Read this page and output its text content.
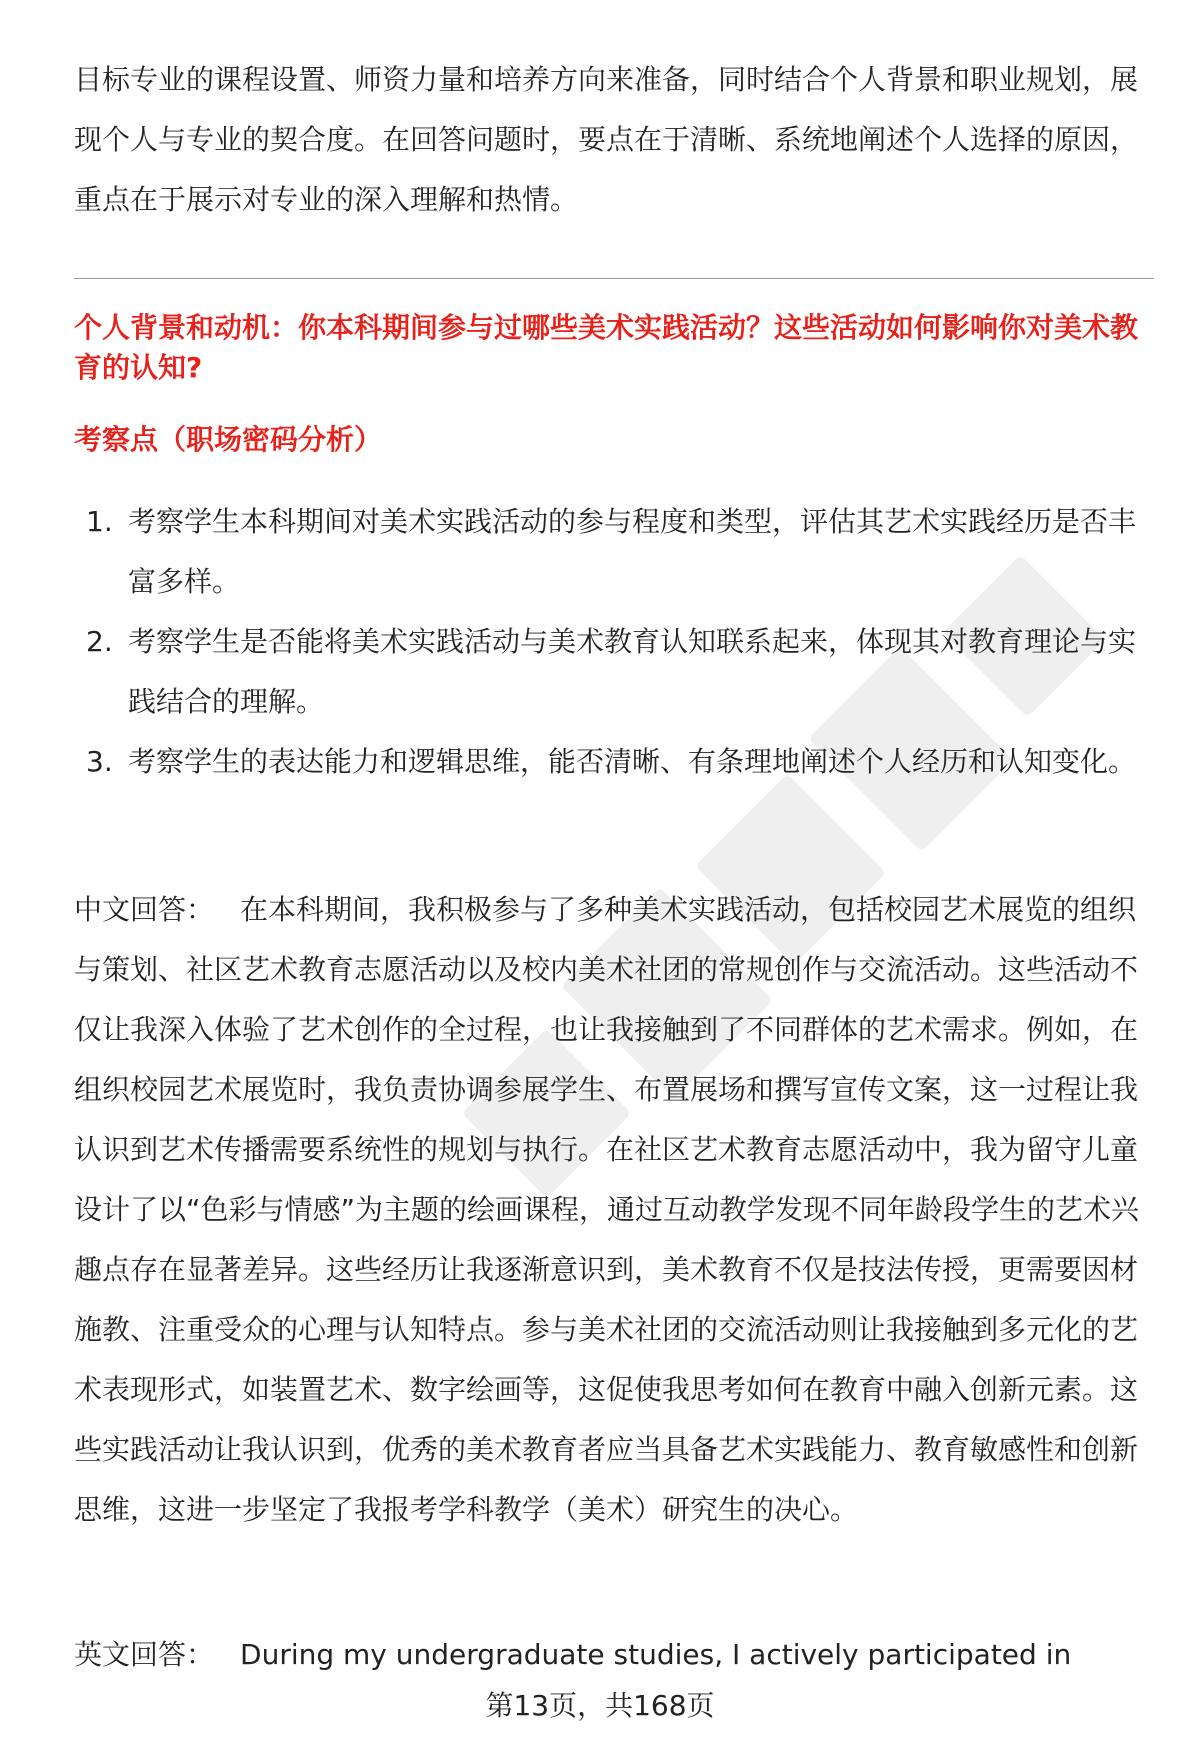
目标专业的课程设置、师资力量和培养方向来准备，同时结合个人背景和职业规划，展现个人与专业的契合度。在回答问题时，要点在于清晰、系统地阐述个人选择的原因，重点在于展示对专业的深入理解和热情。

个人背景和动机：你本科期间参与过哪些美术实践活动？这些活动如何影响你对美术教育的认知?

考察点（职场密码分析）

1. 考察学生本科期间对美术实践活动的参与程度和类型，评估其艺术实践经历是否丰富多样。
2. 考察学生是否能将美术实践活动与美术教育认知联系起来，体现其对教育理论与实践结合的理解。
3. 考察学生的表达能力和逻辑思维，能否清晰、有条理地阐述个人经历和认知变化。

中文回答： 在本科期间，我积极参与了多种美术实践活动，包括校园艺术展览的组织与策划、社区艺术教育志愿活动以及校内美术社团的常规创作与交流活动。这些活动不仅让我深入体验了艺术创作的全过程，也让我接触到了不同群体的艺术需求。例如，在组织校园艺术展览时，我负责协调参展学生、布置展场和撰写宣传文案，这一过程让我认识到艺术传播需要系统性的规划与执行。在社区艺术教育志愿活动中，我为留守儿童设计了以“色彩与情感”为主题的绘画课程，通过互动教学发现不同年龄段学生的艺术兴趣点存在显著差异。这些经历让我逐渐意识到，美术教育不仅是技法传授，更需要因材施教、注重受众的心理与认知特点。参与美术社团的交流活动则让我接触到多元化的艺术表现形式，如装置艺术、数字绘画等，这促使我思考如何在教育中融入创新元素。这些实践活动让我认识到，优秀的美术教育者应当具备艺术实践能力、教育敏感性和创新思维，这进一步坚定了我报考学科教学（美术）研究生的决心。

英文回答： During my undergraduate studies, I actively participated in

第13页，共168页
